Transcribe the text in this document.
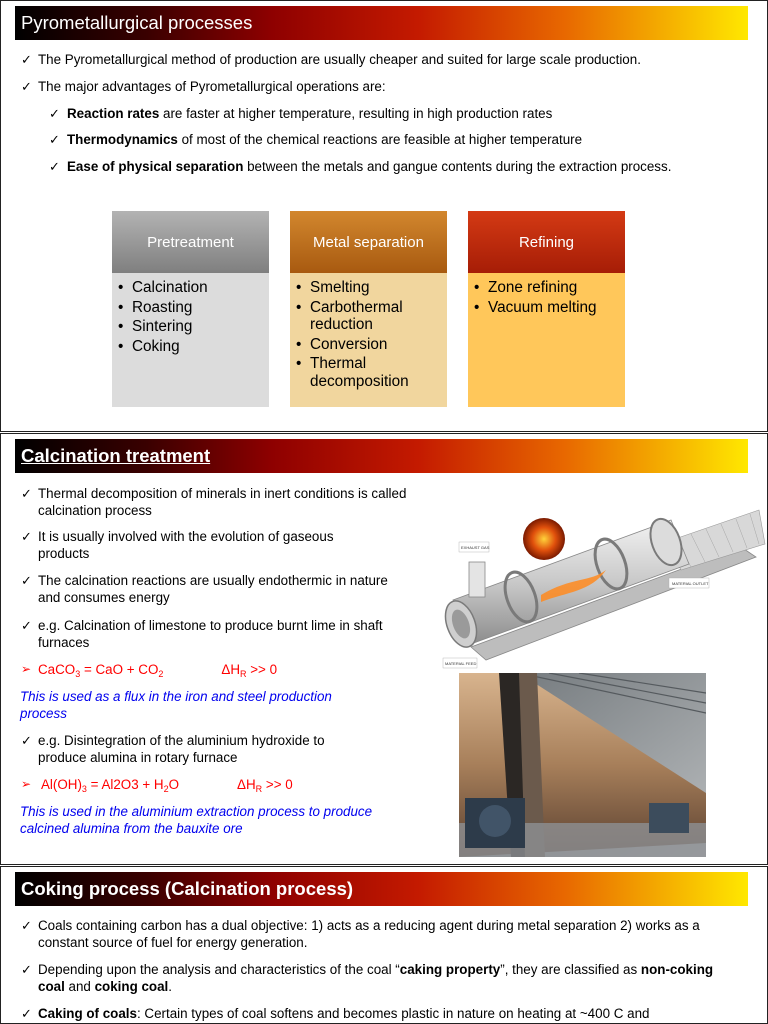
Pyrometallurgical processes
✓ The Pyrometallurgical method of production are usually cheaper and suited for large scale production.
✓ The major advantages of Pyrometallurgical operations are:
✓ Reaction rates are faster at higher temperature, resulting in high production rates
✓ Thermodynamics of most of the chemical reactions are feasible at higher temperature
✓ Ease of physical separation between the metals and gangue contents during the extraction process.
Pretreatment
• Calcination
• Roasting
• Sintering
• Coking
Metal separation
• Smelting
• Carbothermal reduction
• Conversion
• Thermal decomposition
Refining
• Zone refining
• Vacuum melting
Calcination treatment
✓ Thermal decomposition of minerals in inert conditions is called calcination process
✓ It is usually involved with the evolution of gaseous products
✓ The calcination reactions are usually endothermic in nature and consumes energy
✓ e.g. Calcination of limestone to produce burnt lime in shaft furnaces
➢ CaCO$_3$ = CaO + $CO_2$	$\Delta H_R >> 0$
This is used as a flux in the iron and steel production process
✓ e.g. Disintegration of the aluminium hydroxide to produce alumina in rotary furnace
➢ $Al(OH)_3 = Al2O3 + H_2O$	$\Delta H_R >> 0$
This is used in the aluminium extraction process to produce calcined alumina from the bauxite ore
EXHAUST GAS
MATERIAL OUTLET
MATERIAL FEED
Coking process (Calcination process)
✓ Coals containing carbon has a dual objective: 1) acts as a reducing agent during metal separation 2) works as a constant source of fuel for energy generation.
✓ Depending upon the analysis and characteristics of the coal “caking property”, they are classified as non-coking coal and coking coal.
✓ Caking of coals: Certain types of coal softens and becomes plastic in nature on heating at ~400 C and
